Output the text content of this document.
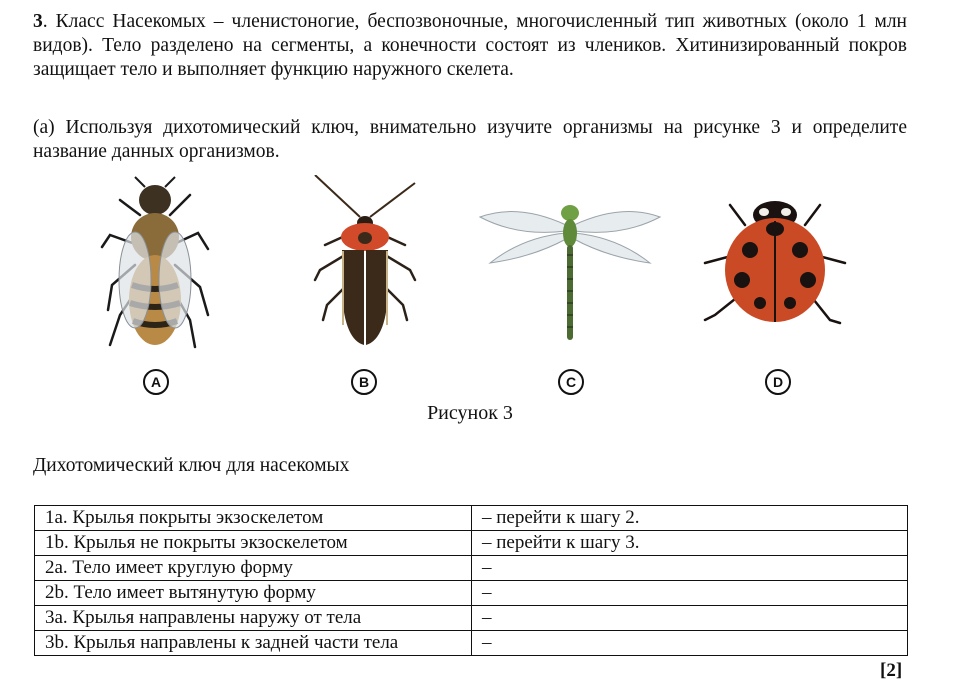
3. Класс Насекомых – членистоногие, беспозвоночные, многочисленный тип животных (около 1 млн видов). Тело разделено на сегменты, а конечности состоят из члеников. Хитинизированный покров защищает тело и выполняет функцию наружного скелета.

(а) Используя дихотомический ключ, внимательно изучите организмы на рисунке 3 и определите название данных организмов.

A	B	C	D
Рисунок 3
Дихотомический ключ для насекомых
1a. Крылья покрыты экзоскелетом	– перейти к шагу 2.
1b. Крылья не покрыты экзоскелетом	– перейти к шагу 3.
2a. Тело имеет круглую форму	–
2b. Тело имеет вытянутую форму	–
3a. Крылья направлены наружу от тела	–
3b. Крылья направлены к задней части тела	–
[2]
